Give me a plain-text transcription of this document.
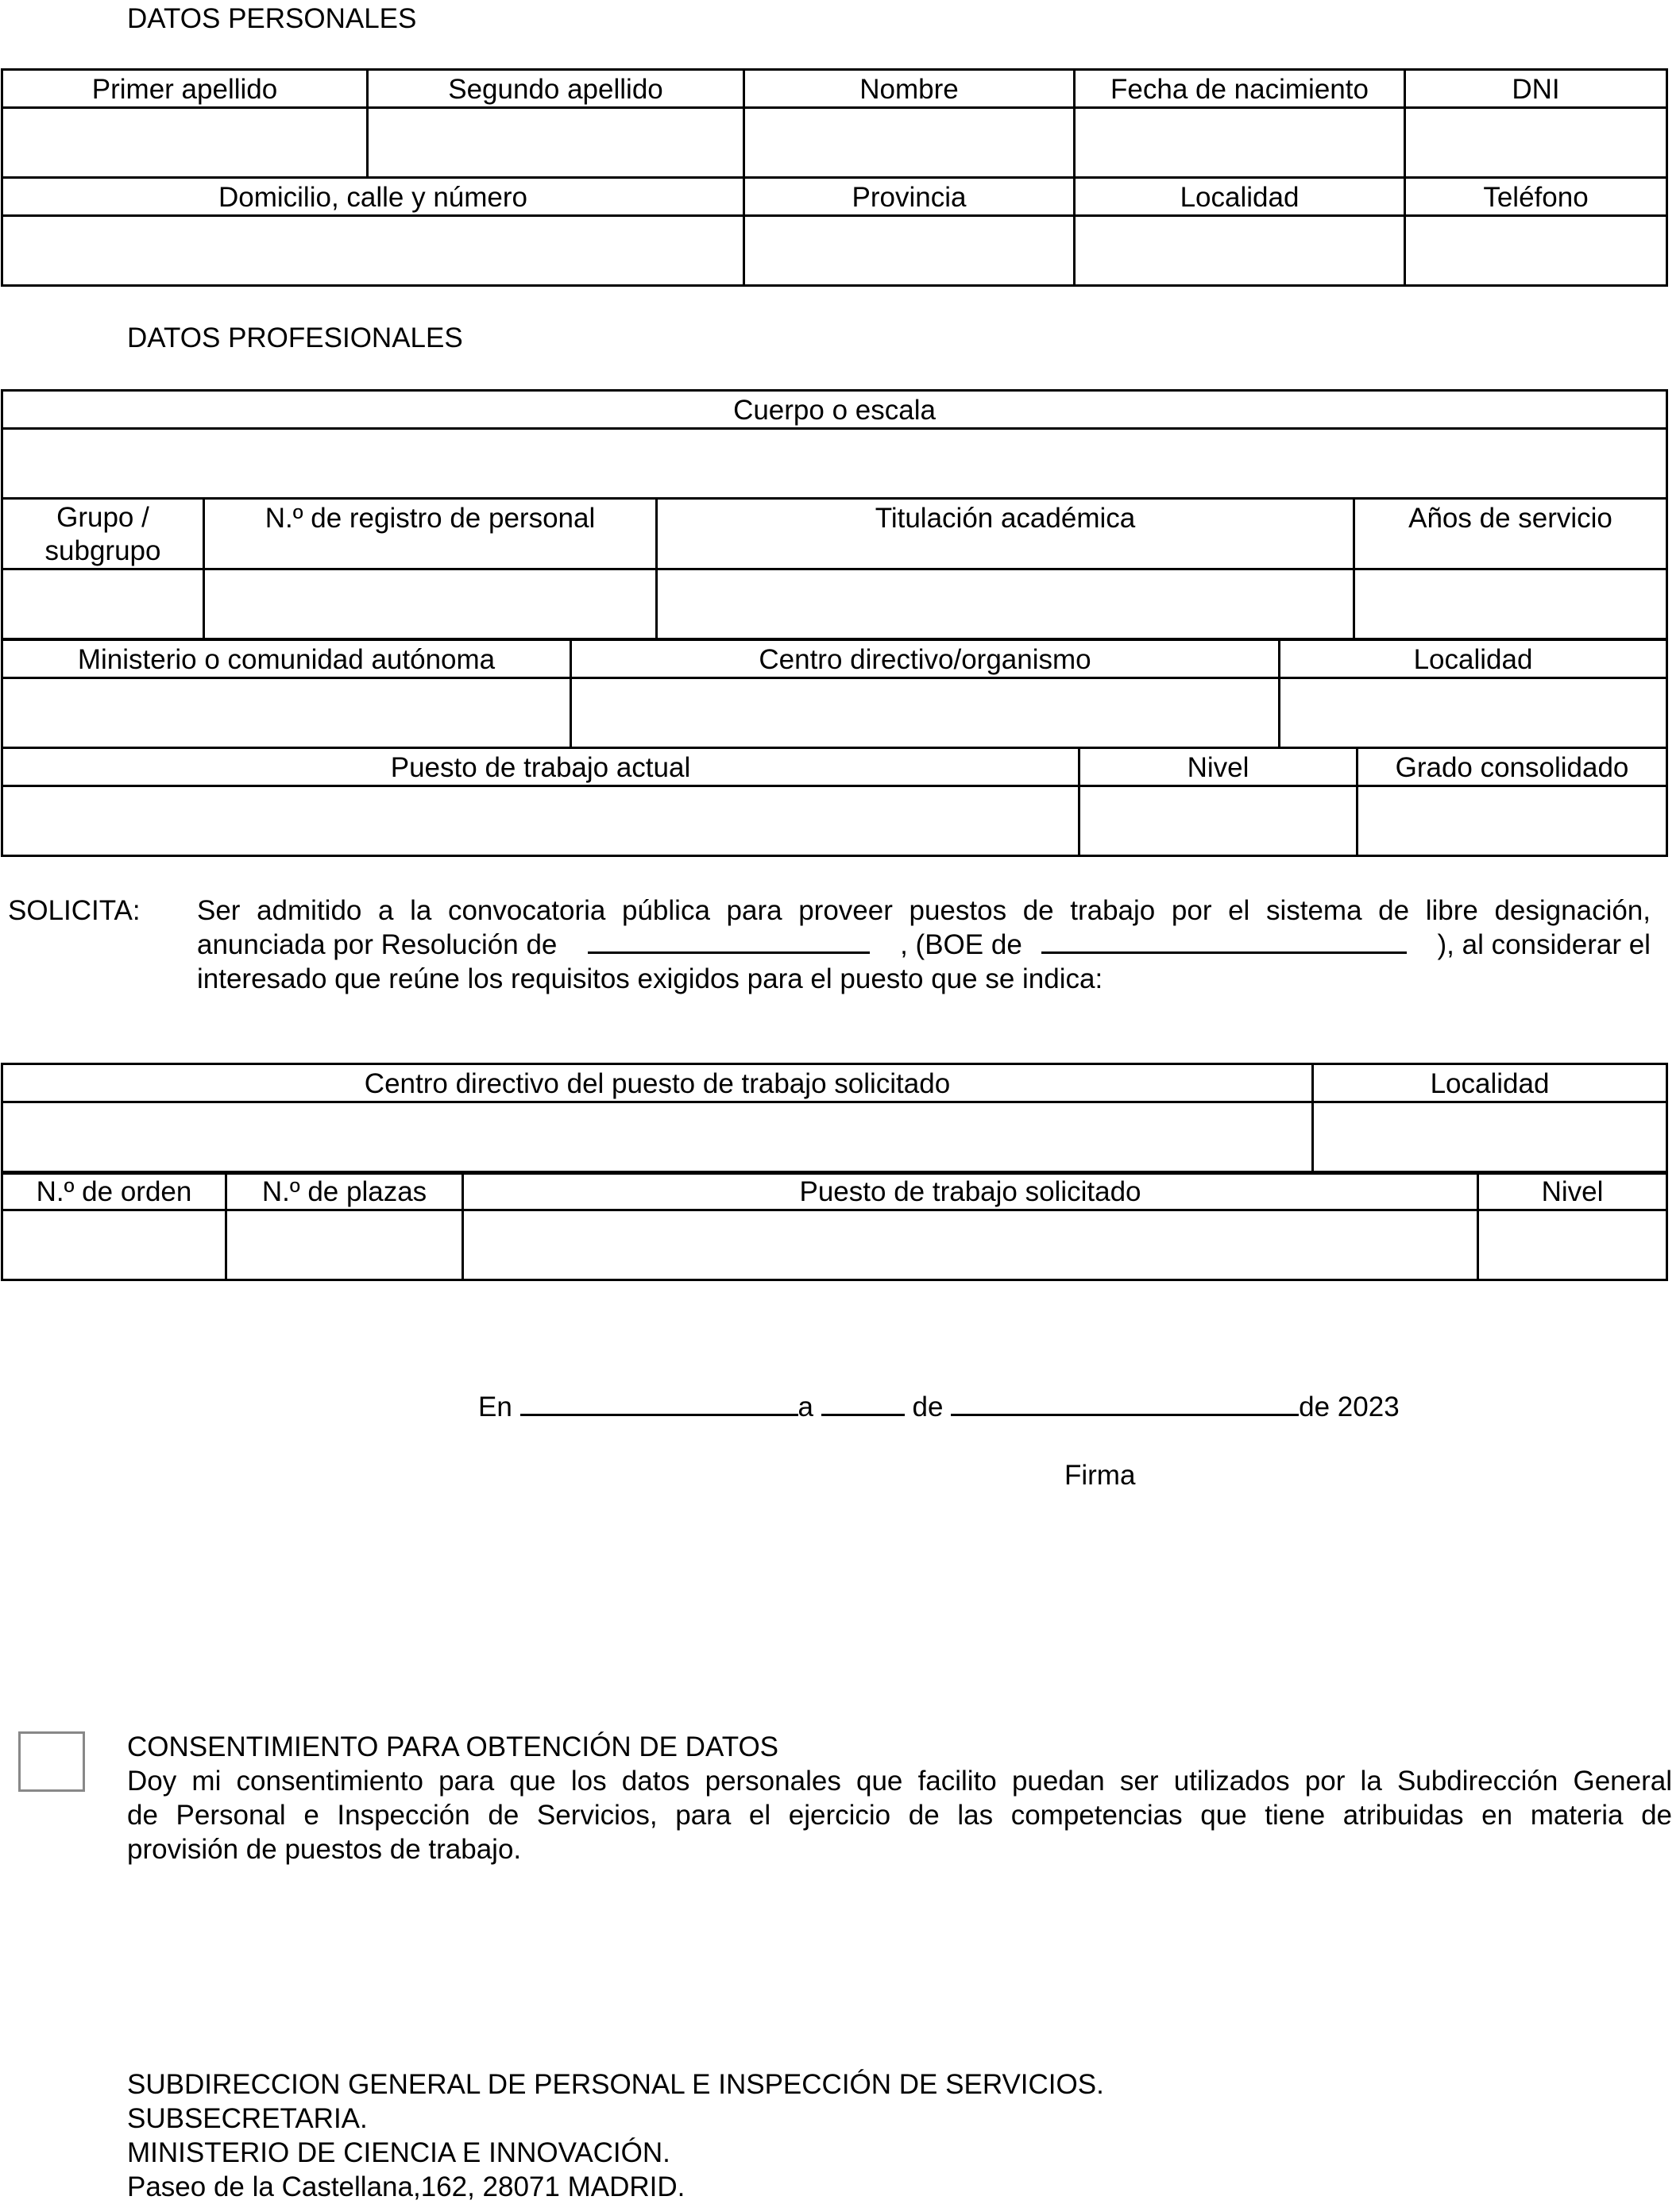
DATOS PERSONALES
Primer apellido	Segundo apellido	Nombre	Fecha de nacimiento	DNI

Domicilio, calle y número		Provincia	Localidad	Teléfono

DATOS PROFESIONALES
Cuerpo o escala			

Grupo / subgrupo	N.º de registro de personal	Titulación académica	Años de servicio

Ministerio o comunidad autónoma	Centro directivo/organismo	Localidad

Puesto de trabajo actual	Nivel	Grado consolidado

SOLICITA: Ser admitido a la convocatoria pública para proveer puestos de trabajo por el sistema de libre designación,
anunciada por Resolución de	, (BOE de	), al considerar el
interesado que reúne los requisitos exigidos para el puesto que se indica:
Centro directivo del puesto de trabajo solicitado	Localidad

N.º de orden	N.º de plazas	Puesto de trabajo solicitado	Nivel

En	a	de	de 2023
Firma
CONSENTIMIENTO PARA OBTENCIÓN DE DATOS
Doy mi consentimiento para que los datos personales que facilito puedan ser utilizados por la Subdirección General
de Personal e Inspección de Servicios, para el ejercicio de las competencias que tiene atribuidas en materia de
provisión de puestos de trabajo.
SUBDIRECCION GENERAL DE PERSONAL E INSPECCIÓN DE SERVICIOS.
SUBSECRETARIA.
MINISTERIO DE CIENCIA E INNOVACIÓN.
Paseo de la Castellana,162, 28071 MADRID.
